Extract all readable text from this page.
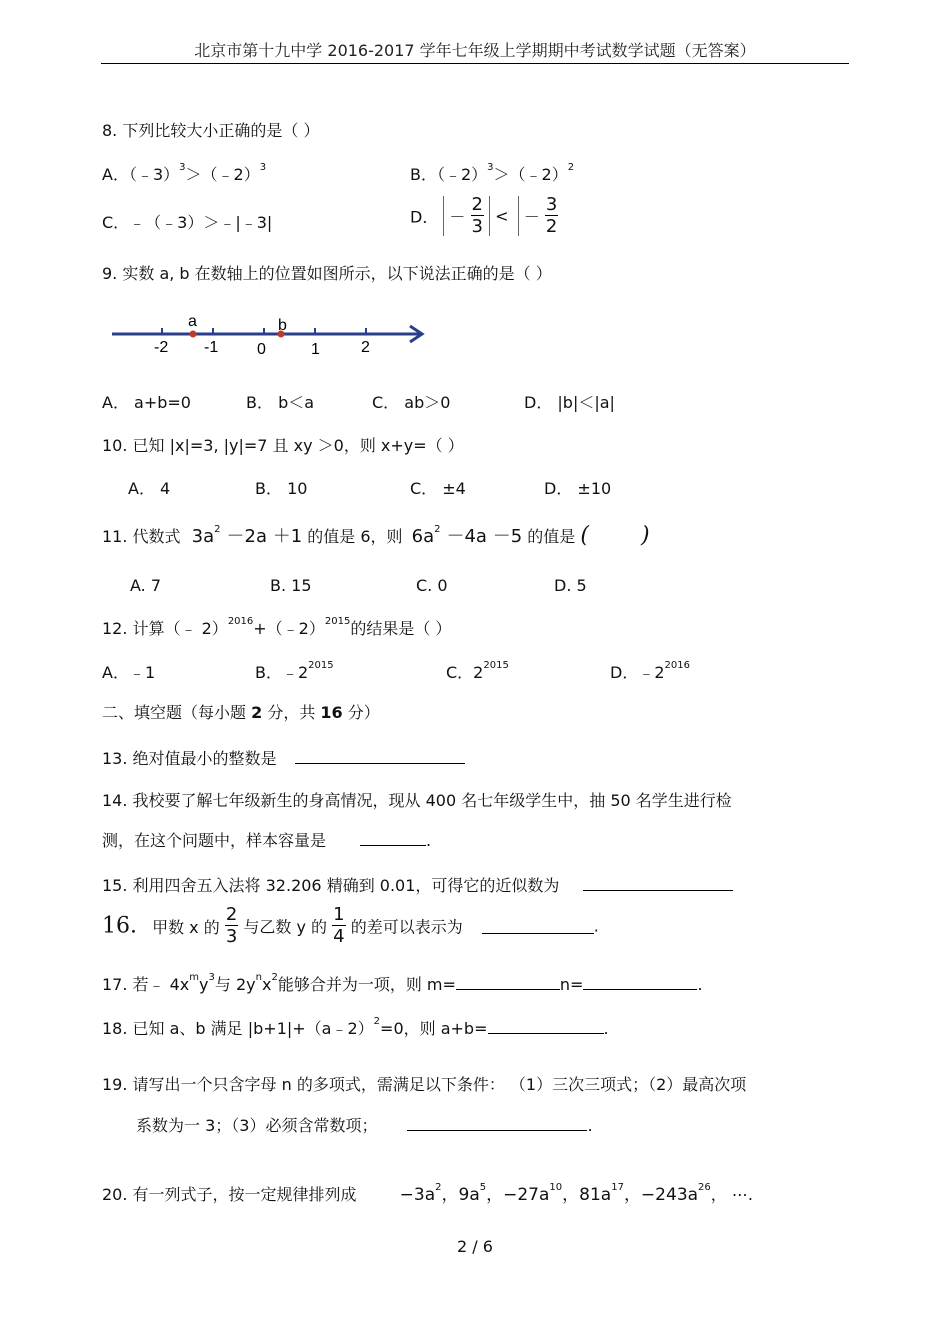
北京市第十九中学 2016-2017 学年七年级上学期期中考试数学试题（无答案）
8. 下列比较大小正确的是（ ）
A．（﹣3）$^3$＞（﹣2）$^3$	B．（﹣2）$^3$＞（﹣2）$^2$
C．﹣（﹣3）＞﹣|﹣3|	D． － $\frac{2}{3}$ < － $\frac{3}{2}$
9. 实数 a, b 在数轴上的位置如图所示，以下说法正确的是（ ）
a	b
-2 -1 0	1	2
A． a+b=0	B． b＜a	C． ab＞0	D． |b|＜|a|
10. 已知 |x|=3, |y|=7 且 xy ＞0，则 x+y=（ ）
A． 4	B． 10	C． ±4	D． ±10
11. 代数式 $3a^2 -2a +1$ 的值是 6，则 $6a^2 -4a -5$ 的值是 ( )
A. 7	B. 15	C. 0	D. 5
12. 计算（﹣ 2）$^{2016}$+（﹣2）$^{2015}$的结果是（ ）
A．﹣1	B．$﹣2^{2015}$	C．$2^{2015}$	D．$﹣2^{2016}$
二、填空题（每小题 2 分，共 16 分）
13. 绝对值最小的整数是
14. 我校要了解七年级新生的身高情况，现从 400 名七年级学生中，抽 50 名学生进行检
测，在这个问题中，样本容量是	.
15. 利用四舍五入法将 32.206 精确到 0.01，可得它的近似数为
16. 甲数 x 的 $\frac{2}{3}$ 与乙数 y 的 $\frac{1}{4}$ 的差可以表示为	.
17. 若﹣ $4x^my^3$与 $2y^nx^2$能够合并为一项，则 m=	n=	.
18. 已知 a、b 满足 |b+1|+（a﹣2）$^2$=0，则 a+b=	.
19. 请写出一个只含字母 n 的多项式，需满足以下条件： （1）三次三项式；（2）最高次项
系数为一 3；（3）必须含常数项；	.
20. 有一列式子，按一定规律排列成	$-3a^2$，$9a^5$，$-27a^{10}$，$81a^{17}$，$-243a^{26}$， ⋯.
2 / 6
